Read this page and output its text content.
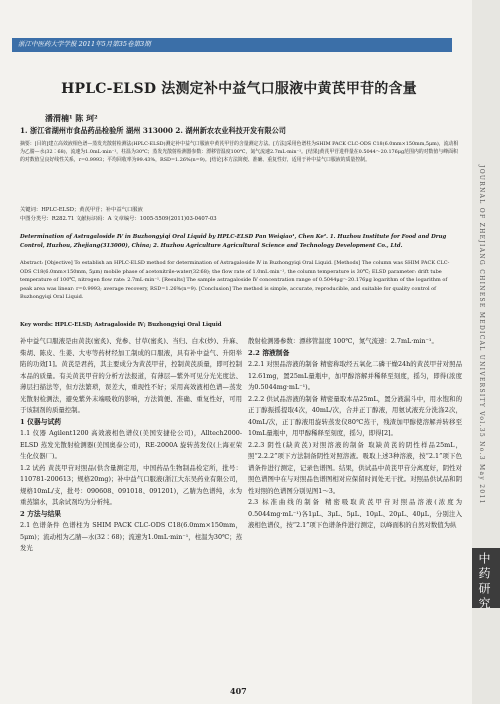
浙江中医药大学学报 2011年5月第35卷第3期
HPLC-ELSD 法测定补中益气口服液中黄芪甲苷的含量
潘渭楠¹ 陈 珂²
1. 浙江省湖州市食品药品检验所 湖州 313000 2. 湖州新农农业科技开发有限公司
摘要：[目的]建立高效液相色谱—蒸发光散射检测法(HPLC-ELSD)测定补中益气口服液中黄芪甲苷的含量测定方法。[方法]采用色谱柱为SHIM PACK CLC-ODS C18(6.0mm×150mm,5μm)，流动相为乙腈—水(32∶68)，流速为1.0mL·min⁻¹，柱温为30℃；蒸发光散射检测器参数：漂移管温度100℃，氮气流速2.7mL·min⁻¹。[结果]黄芪甲苷进样量在0.5044～20.176μg范围内的对数值与峰面积的对数值呈良好线性关系，r=0.9993；平均回收率为99.43%，RSD=1.26%(n=9)。[结论]本方法简便、准确、重复性好，适用于补中益气口服液的质量控制。
关键词：HPLC-ELSD；黄芪甲苷；补中益气口服液
中图分类号：R282.71 文献标识码：A 文章编号：1005-5509(2011)03-0407-03
Determination of Astragaloside Ⅳ in Buzhongyiqi Oral Liquid by HPLC-ELSD Pan Weiqiao¹, Chen Ke². 1. Huzhou Institute for Food and Drug Control, Huzhou, Zhejiang(313000), China; 2. Huzhou Agriculture Agricultural Science and Technology Development Co., Ltd.
Abstract: [Objective] To establish an HPLC-ELSD method for determination of Astragaloside Ⅳ in Buzhongyiqi Oral Liquid. [Methods] The column was SHIM PACK CLC-ODS C18(6.0mm×150mm, 5μm) mobile phase of acetonitrile-water(32∶68); the flow rate of 1.0mL·min⁻¹, the column temperature is 30℃; ELSD parameter: drift tube temperature of 100℃, nitrogen flow rate: 2.7mL·min⁻¹. [Results] The sample astragaloside Ⅳ concentration range of 0.5044μg～20.176μg logarithm of the logarithm of peak area was linear: r=0.9993; average recovery, RSD=1.26%(n=9). [Conclusion] The method is simple, accurate, reproducible, and suitable for quality control of Buzhongyiqi Oral Liquid.
Key words: HPLC-ELSD; Astragaloside Ⅳ; Buzhongyiqi Oral Liquid

补中益气口服液是由黄芪(蜜炙)、党参、甘草(蜜炙)、当归、白术(炒)、升麻、柴胡、陈皮、生姜、大枣等药材经加工制成的口服液，具有补中益气、升阳举陷的功效[1]。黄芪是君药，其主要成分为黄芪甲苷，控制黄芪质量，即可控制本品的质量。有关黄芪甲苷的分析方法报道，有薄层—紫外可见分光光度法、薄层扫描法等，但方法繁琐，误差大，重现性不好；采用高效液相色谱—蒸发光散射检测法，避免紫外末端吸收的影响，方法简便、准确、重复性好，可用于该制剂的质量控制。

1 仪器与试药

1.1 仪器 Agilent1200 高效液相色谱仪(美国安捷伦公司)，Alltech2000-ELSD 蒸发光散射检测器(美国奥泰公司)，RE-2000A 旋转蒸发仪(上海亚荣生化仪器厂)。

1.2 试药 黄芪甲苷对照品(供含量测定用，中国药品生物制品检定所，批号：110781-200613；规格20mg)；补中益气口服液(浙江大东吴药业有限公司，规格10mL/支，批号：090608、091018、091201)，乙腈为色谱纯，水为重蒸馏水，其余试剂均为分析纯。

2 方法与结果

2.1 色谱条件 色谱柱为 SHIM PACK CLC-ODS C18(6.0mm×150mm，5μm)；流动相为乙腈—水(32∶68)；流速为1.0mL·min⁻¹，柱温为30℃；蒸发光

散射检测器参数：漂移管温度 100℃，氮气流速：2.7mL·min⁻¹。

2.2 溶液制备

2.2.1 对照品溶液的制备 精密称取经五氧化二磷干燥24h的黄芪甲苷对照品12.61mg，置25mL量瓶中，加甲醇溶解并稀释至刻度，摇匀，即得(浓度为0.5044mg·mL⁻¹)。

2.2.2 供试品溶液的制备 精密量取本品25mL，置分液漏斗中，用水饱和的正丁醇振摇提取4次，40mL/次，合并正丁醇液，用氨试液充分洗涤2次，40mL/次，正丁醇液用旋转蒸发仪80℃蒸干，残渣加甲醇使溶解并转移至10mL量瓶中，用甲醇稀释至刻度，摇匀，即得[2]。

2.2.3 阴性(缺黄芪)对照溶液的制备 取缺黄芪的阴性样品25mL，照“2.2.2”项下方法制备阴性对照溶液。吸取上述3种溶液，按“2.1”项下色谱条件进行测定，记录色谱图。结果，供试品中黄芪甲苷分离度好，阴性对照色谱图中在与对照品色谱图相对应保留时间处无干扰。对照品供试品和阴性对照的色谱图分别见图1～3。

2.3 标准曲线的制备 精密吸取黄芪甲苷对照品溶液(浓度为0.5044mg·mL⁻¹)各1μL、3μL、5μL、10μL、20μL、40μL，分别注入液相色谱仪，按“2.1”项下色谱条件进行测定，以峰面积的自然对数值为纵

JOURNAL OF ZHEJIANG CHINESE MEDICAL UNIVERSITY Vol.35 No.3 May 2011
中药研究
407
